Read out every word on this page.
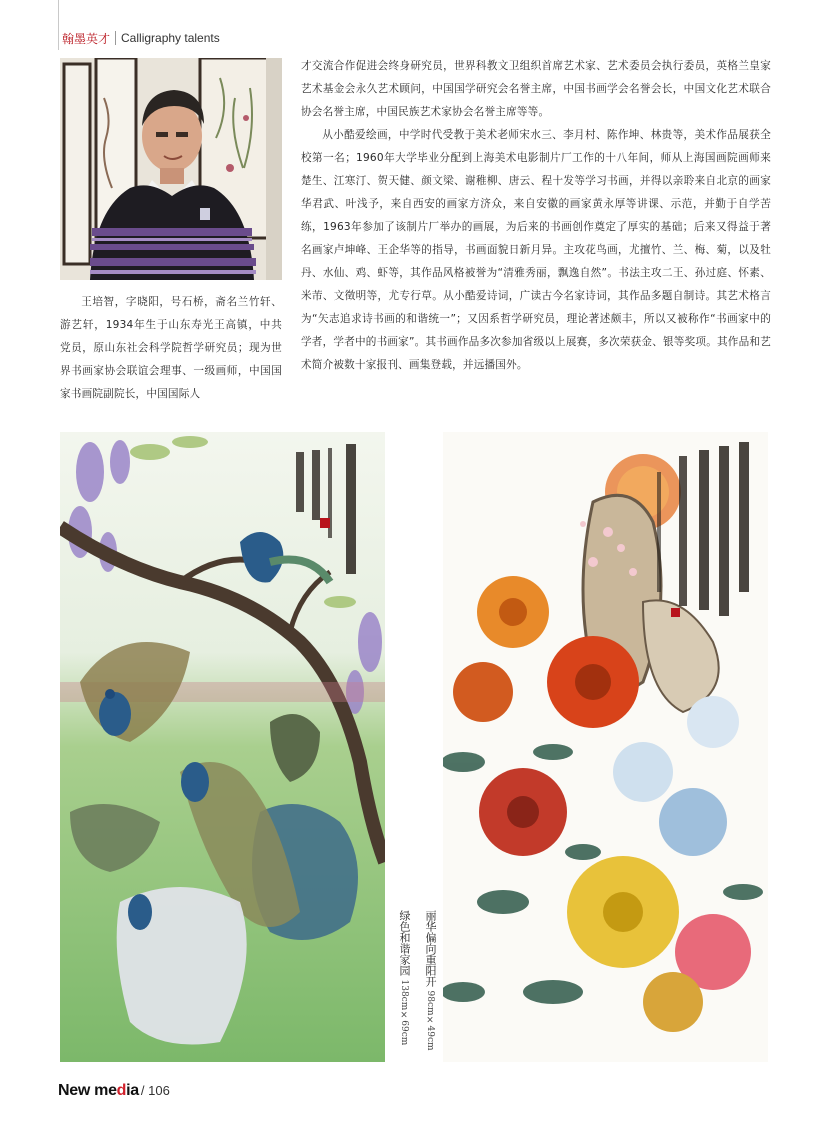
翰墨英才 Calligraphy talents
王培智，字晓阳，号石桥，斋名兰竹轩、游艺轩，1934年生于山东寿光王高镇，中共党员，原山东社会科学院哲学研究员；现为世界书画家协会联谊会理事、一级画师，中国国家书画院副院长，中国国际人

才交流合作促进会终身研究员，世界科教文卫组织首席艺术家、艺术委员会执行委员，英格兰皇家艺术基金会永久艺术顾问，中国国学研究会名誉主席，中国书画学会名誉会长，中国文化艺术联合协会名誉主席，中国民族艺术家协会名誉主席等等。

从小酷爱绘画，中学时代受教于美术老师宋水三、李月村、陈作坤、林贵等，美术作品展获全校第一名；1960年大学毕业分配到上海美术电影制片厂工作的十八年间，师从上海国画院画师来楚生、江寒汀、贺天健、颜文梁、谢稚柳、唐云、程十发等学习书画，并得以亲聆来自北京的画家华君武、叶浅予，来自西安的画家方济众，来自安徽的画家黄永厚等讲课、示范，并勤于自学苦练，1963年参加了该制片厂举办的画展，为后来的书画创作奠定了厚实的基础；后来又得益于著名画家卢坤峰、王企华等的指导，书画面貌日新月异。主攻花鸟画，尤擅竹、兰、梅、菊，以及牡丹、水仙、鸡、虾等，其作品风格被誉为“清雅秀丽，飘逸自然”。书法主攻二王、孙过庭、怀素、米芾、文徵明等，尤专行草。从小酷爱诗词，广读古今名家诗词，其作品多题自制诗。其艺术格言为“矢志追求诗书画的和谐统一”；又因系哲学研究员，理论著述颇丰，所以又被称作“书画家中的学者，学者中的书画家”。其书画作品多次参加省级以上展赛，多次荣获金、银等奖项。其作品和艺术简介被数十家报刊、画集登载，并远播国外。

绿色和谐家园 138cm×69cm
丽华偏向重阳开 98cm×49cm
New media / 106
